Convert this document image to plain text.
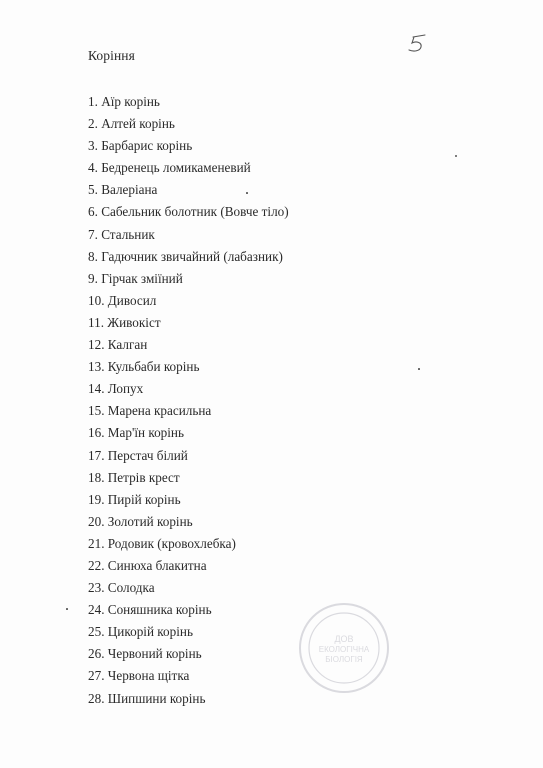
Коріння
1. Аїр корінь
2. Алтей корінь
3. Барбарис корінь
4. Бедренець ломикаменевий
5. Валеріана
6. Сабельник болотник (Вовче тіло)
7. Стальник
8. Гадючник звичайний (лабазник)
9. Гірчак зміїний
10. Дивосил
11. Живокіст
12. Калган
13. Кульбаби корінь
14. Лопух
15. Марена красильна
16. Мар'їн корінь
17. Перстач білий
18. Петрів крест
19. Пирій корінь
20. Золотий корінь
21. Родовик (кровохлебка)
22. Синюха блакитна
23. Солодка
24. Соняшника корінь
25. Цикорій корінь
26. Червоний корінь
27. Червона щітка
28. Шипшини корінь
ДОВ
ЕКОЛОГІЧНА
БІОЛОГІЯ
